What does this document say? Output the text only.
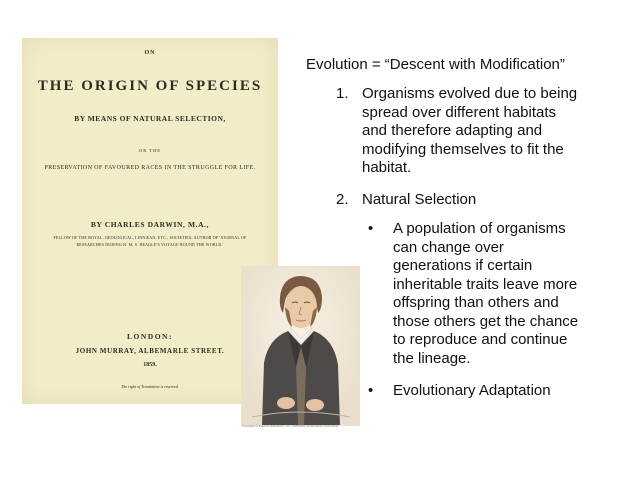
ON

THE ORIGIN OF SPECIES

BY MEANS OF NATURAL SELECTION,

OR THE

PRESERVATION OF FAVOURED RACES IN THE STRUGGLE FOR LIFE.

BY CHARLES DARWIN, M.A.,

FELLOW OF THE ROYAL, GEOLOGICAL, LINNÆAN, ETC., SOCIETIES; AUTHOR OF 'JOURNAL OF RESEARCHES DURING H. M. S. BEAGLE'S VOYAGE ROUND THE WORLD.'

LONDON:

JOHN MURRAY, ALBEMARLE STREET.

1859.

The right of Translation is reserved.

Copyright © Pearson Education, Inc., publishing as Benjamin Cummings

Evolution = “Descent with Modification”

1. Organisms evolved due to being
spread over different habitats
and therefore adapting and
modifying themselves to fit the
habitat.
2. Natural Selection
• A population of organisms
can change over
generations if certain
inheritable traits leave more
offspring than others and
those others get the chance
to reproduce and continue
the lineage.
• Evolutionary Adaptation
